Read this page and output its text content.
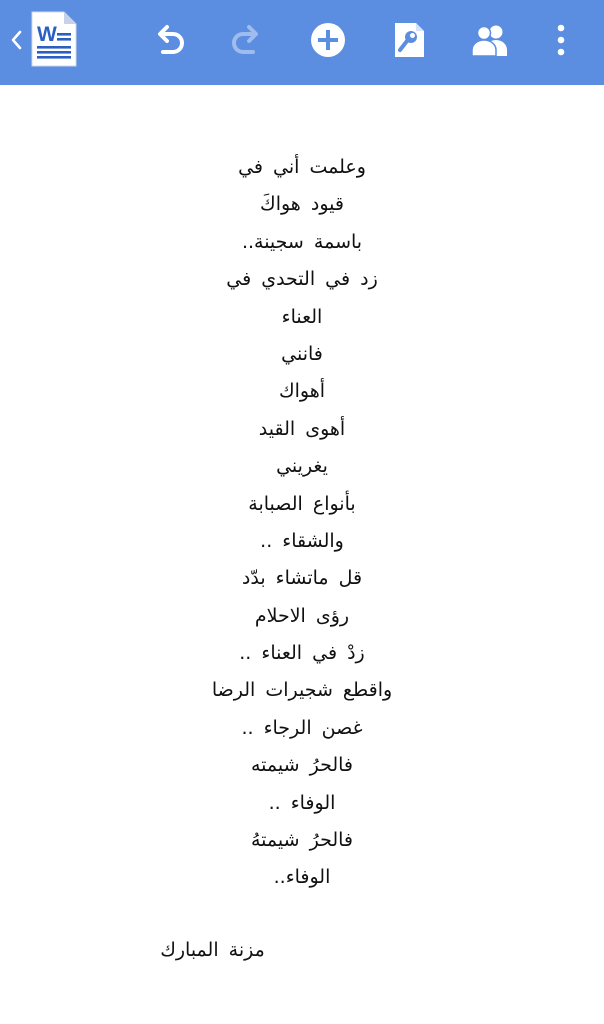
W
وعلمت أني في
قيود هواكَ
باسمة سجينة..
زد في التحدي في
العناء
فانني
أهواك
أهوى القيد
يغريني
بأنواع الصبابة
والشقاء ..
قل ماتشاء بدّد
رؤى الاحلام
زدْ في العناء ..
واقطع شجيرات الرضا
غصن الرجاء ..
فالحرُ شيمته
الوفاء ..
فالحرُ شيمتهُ
الوفاء..
مزنة المبارك
